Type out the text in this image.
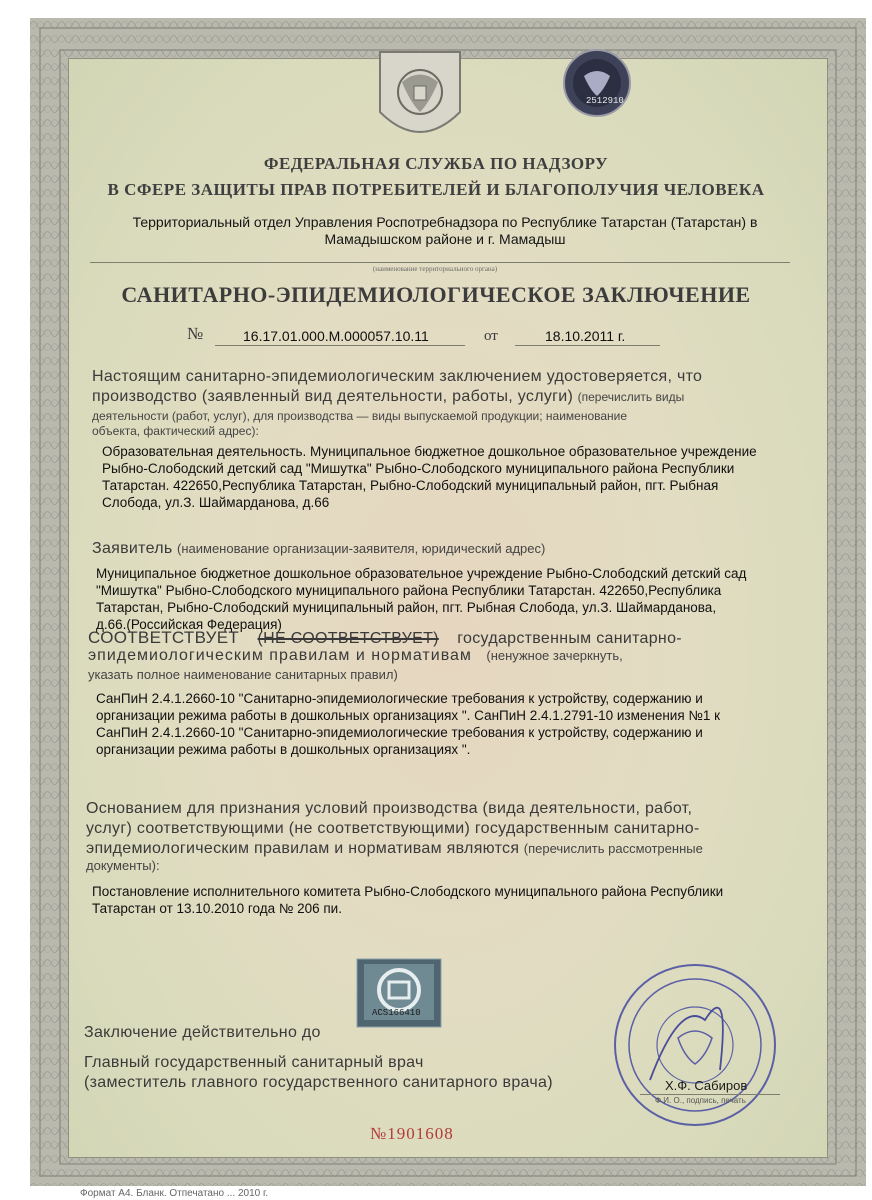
2512910
ФЕДЕРАЛЬНАЯ СЛУЖБА ПО НАДЗОРУ
В СФЕРЕ ЗАЩИТЫ ПРАВ ПОТРЕБИТЕЛЕЙ И БЛАГОПОЛУЧИЯ ЧЕЛОВЕКА
Территориальный отдел Управления Роспотребнадзора по Республике Татарстан (Татарстан) в
Мамадышском районе и г. Мамадыш
(наименование территориального органа)
САНИТАРНО-ЭПИДЕМИОЛОГИЧЕСКОЕ ЗАКЛЮЧЕНИЕ
№	16.17.01.000.М.000057.10.11	от	18.10.2011 г.
Настоящим санитарно-эпидемиологическим заключением удостоверяется, что
производство (заявленный вид деятельности, работы, услуги) (перечислить виды
деятельности (работ, услуг), для производства — виды выпускаемой продукции; наименование
объекта, фактический адрес):
Образовательная деятельность. Муниципальное бюджетное дошкольное образовательное учреждение
Рыбно-Слободский детский сад "Мишутка" Рыбно-Слободского муниципального района Республики
Татарстан. 422650,Республика Татарстан, Рыбно-Слободский муниципальный район, пгт. Рыбная
Слобода, ул.З. Шаймарданова, д.66
Заявитель (наименование организации-заявителя, юридический адрес)
Муниципальное бюджетное дошкольное образовательное учреждение Рыбно-Слободский детский сад
"Мишутка" Рыбно-Слободского муниципального района Республики Татарстан. 422650,Республика
Татарстан, Рыбно-Слободский муниципальный район, пгт. Рыбная Слобода, ул.З. Шаймарданова,
д.66.(Российская Федерация)
СООТВЕТСТВУЕТ (НЕ СООТВЕТСТВУЕТ) государственным санитарно-
эпидемиологическим правилам и нормативам (ненужное зачеркнуть,
указать полное наименование санитарных правил)
СанПиН 2.4.1.2660-10 "Санитарно-эпидемиологические требования к устройству, содержанию и
организации режима работы в дошкольных организациях ". СанПиН 2.4.1.2791-10 изменения №1 к
СанПиН 2.4.1.2660-10 "Санитарно-эпидемиологические требования к устройству, содержанию и
организации режима работы в дошкольных организациях ".
Основанием для признания условий производства (вида деятельности, работ,
услуг) соответствующими (не соответствующими) государственным санитарно-
эпидемиологическим правилам и нормативам являются (перечислить рассмотренные
документы):
Постановление исполнительного комитета Рыбно-Слободского муниципального района Республики
Татарстан от 13.10.2010 года № 206 пи.
ACS166410
Заключение действительно до
Главный государственный санитарный врач
(заместитель главного государственного санитарного врача)	Х.Ф. Сабиров
Ф.И. О., подпись, печать
№1901608
Формат А4. Бланк. Отпечатано ... 2010 г.
